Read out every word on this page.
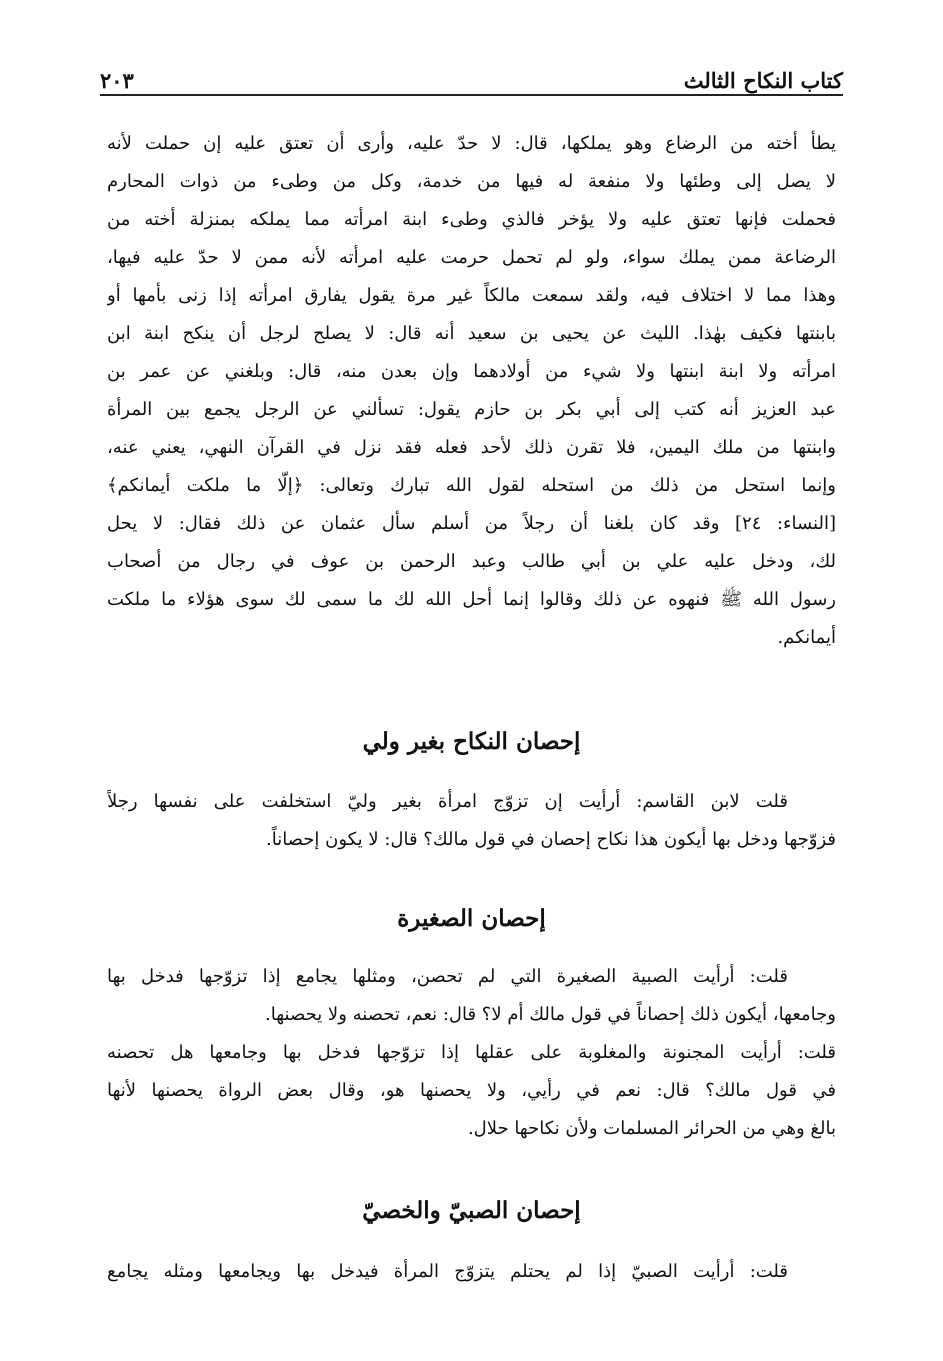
كتاب النكاح الثالث
٢٠٣
يطأ أخته من الرضاع وهو يملكها، قال: لا حدّ عليه، وأرى أن تعتق عليه إن حملت لأنه
لا يصل إلى وطئها ولا منفعة له فيها من خدمة، وكل من وطىء من ذوات المحارم
فحملت فإنها تعتق عليه ولا يؤخر فالذي وطىء ابنة امرأته مما يملكه بمنزلة أخته من
الرضاعة ممن يملك سواء، ولو لم تحمل حرمت عليه امرأته لأنه ممن لا حدّ عليه فيها،
وهذا مما لا اختلاف فيه، ولقد سمعت مالكاً غير مرة يقول يفارق امرأته إذا زنى بأمها أو
بابنتها فكيف بهٰذا. الليث عن يحيى بن سعيد أنه قال: لا يصلح لرجل أن ينكح ابنة ابن
امرأته ولا ابنة ابنتها ولا شيء من أولادهما وإن بعدن منه، قال: وبلغني عن عمر بن
عبد العزيز أنه كتب إلى أبي بكر بن حازم يقول: تسألني عن الرجل يجمع بين المرأة
وابنتها من ملك اليمين، فلا تقرن ذلك لأحد فعله فقد نزل في القرآن النهي، يعني عنه،
وإنما استحل من ذلك من استحله لقول الله تبارك وتعالى: ﴿إلّا ما ملكت أيمانكم﴾
[النساء: ٢٤] وقد كان بلغنا أن رجلاً من أسلم سأل عثمان عن ذلك فقال: لا يحل
لك، ودخل عليه علي بن أبي طالب وعبد الرحمن بن عوف في رجال من أصحاب
رسول الله ﷺ فنهوه عن ذلك وقالوا إنما أحل الله لك ما سمى لك سوى هؤلاء ما ملكت
أيمانكم.
إحصان النكاح بغير ولي
قلت لابن القاسم: أرأيت إن تزوّج امرأة بغير وليّ استخلفت على نفسها رجلاً
فزوّجها ودخل بها أيكون هذا نكاح إحصان في قول مالك؟ قال: لا يكون إحصاناً.
إحصان الصغيرة
قلت: أرأيت الصبية الصغيرة التي لم تحصن، ومثلها يجامع إذا تزوّجها فدخل بها
وجامعها، أيكون ذلك إحصاناً في قول مالك أم لا؟ قال: نعم، تحصنه ولا يحصنها.
قلت: أرأيت المجنونة والمغلوبة على عقلها إذا تزوّجها فدخل بها وجامعها هل تحصنه
في قول مالك؟ قال: نعم في رأيي، ولا يحصنها هو، وقال بعض الرواة يحصنها لأنها
بالغ وهي من الحرائر المسلمات ولأن نكاحها حلال.
إحصان الصبيّ والخصيّ
قلت: أرأيت الصبيّ إذا لم يحتلم يتزوّج المرأة فيدخل بها ويجامعها ومثله يجامع
